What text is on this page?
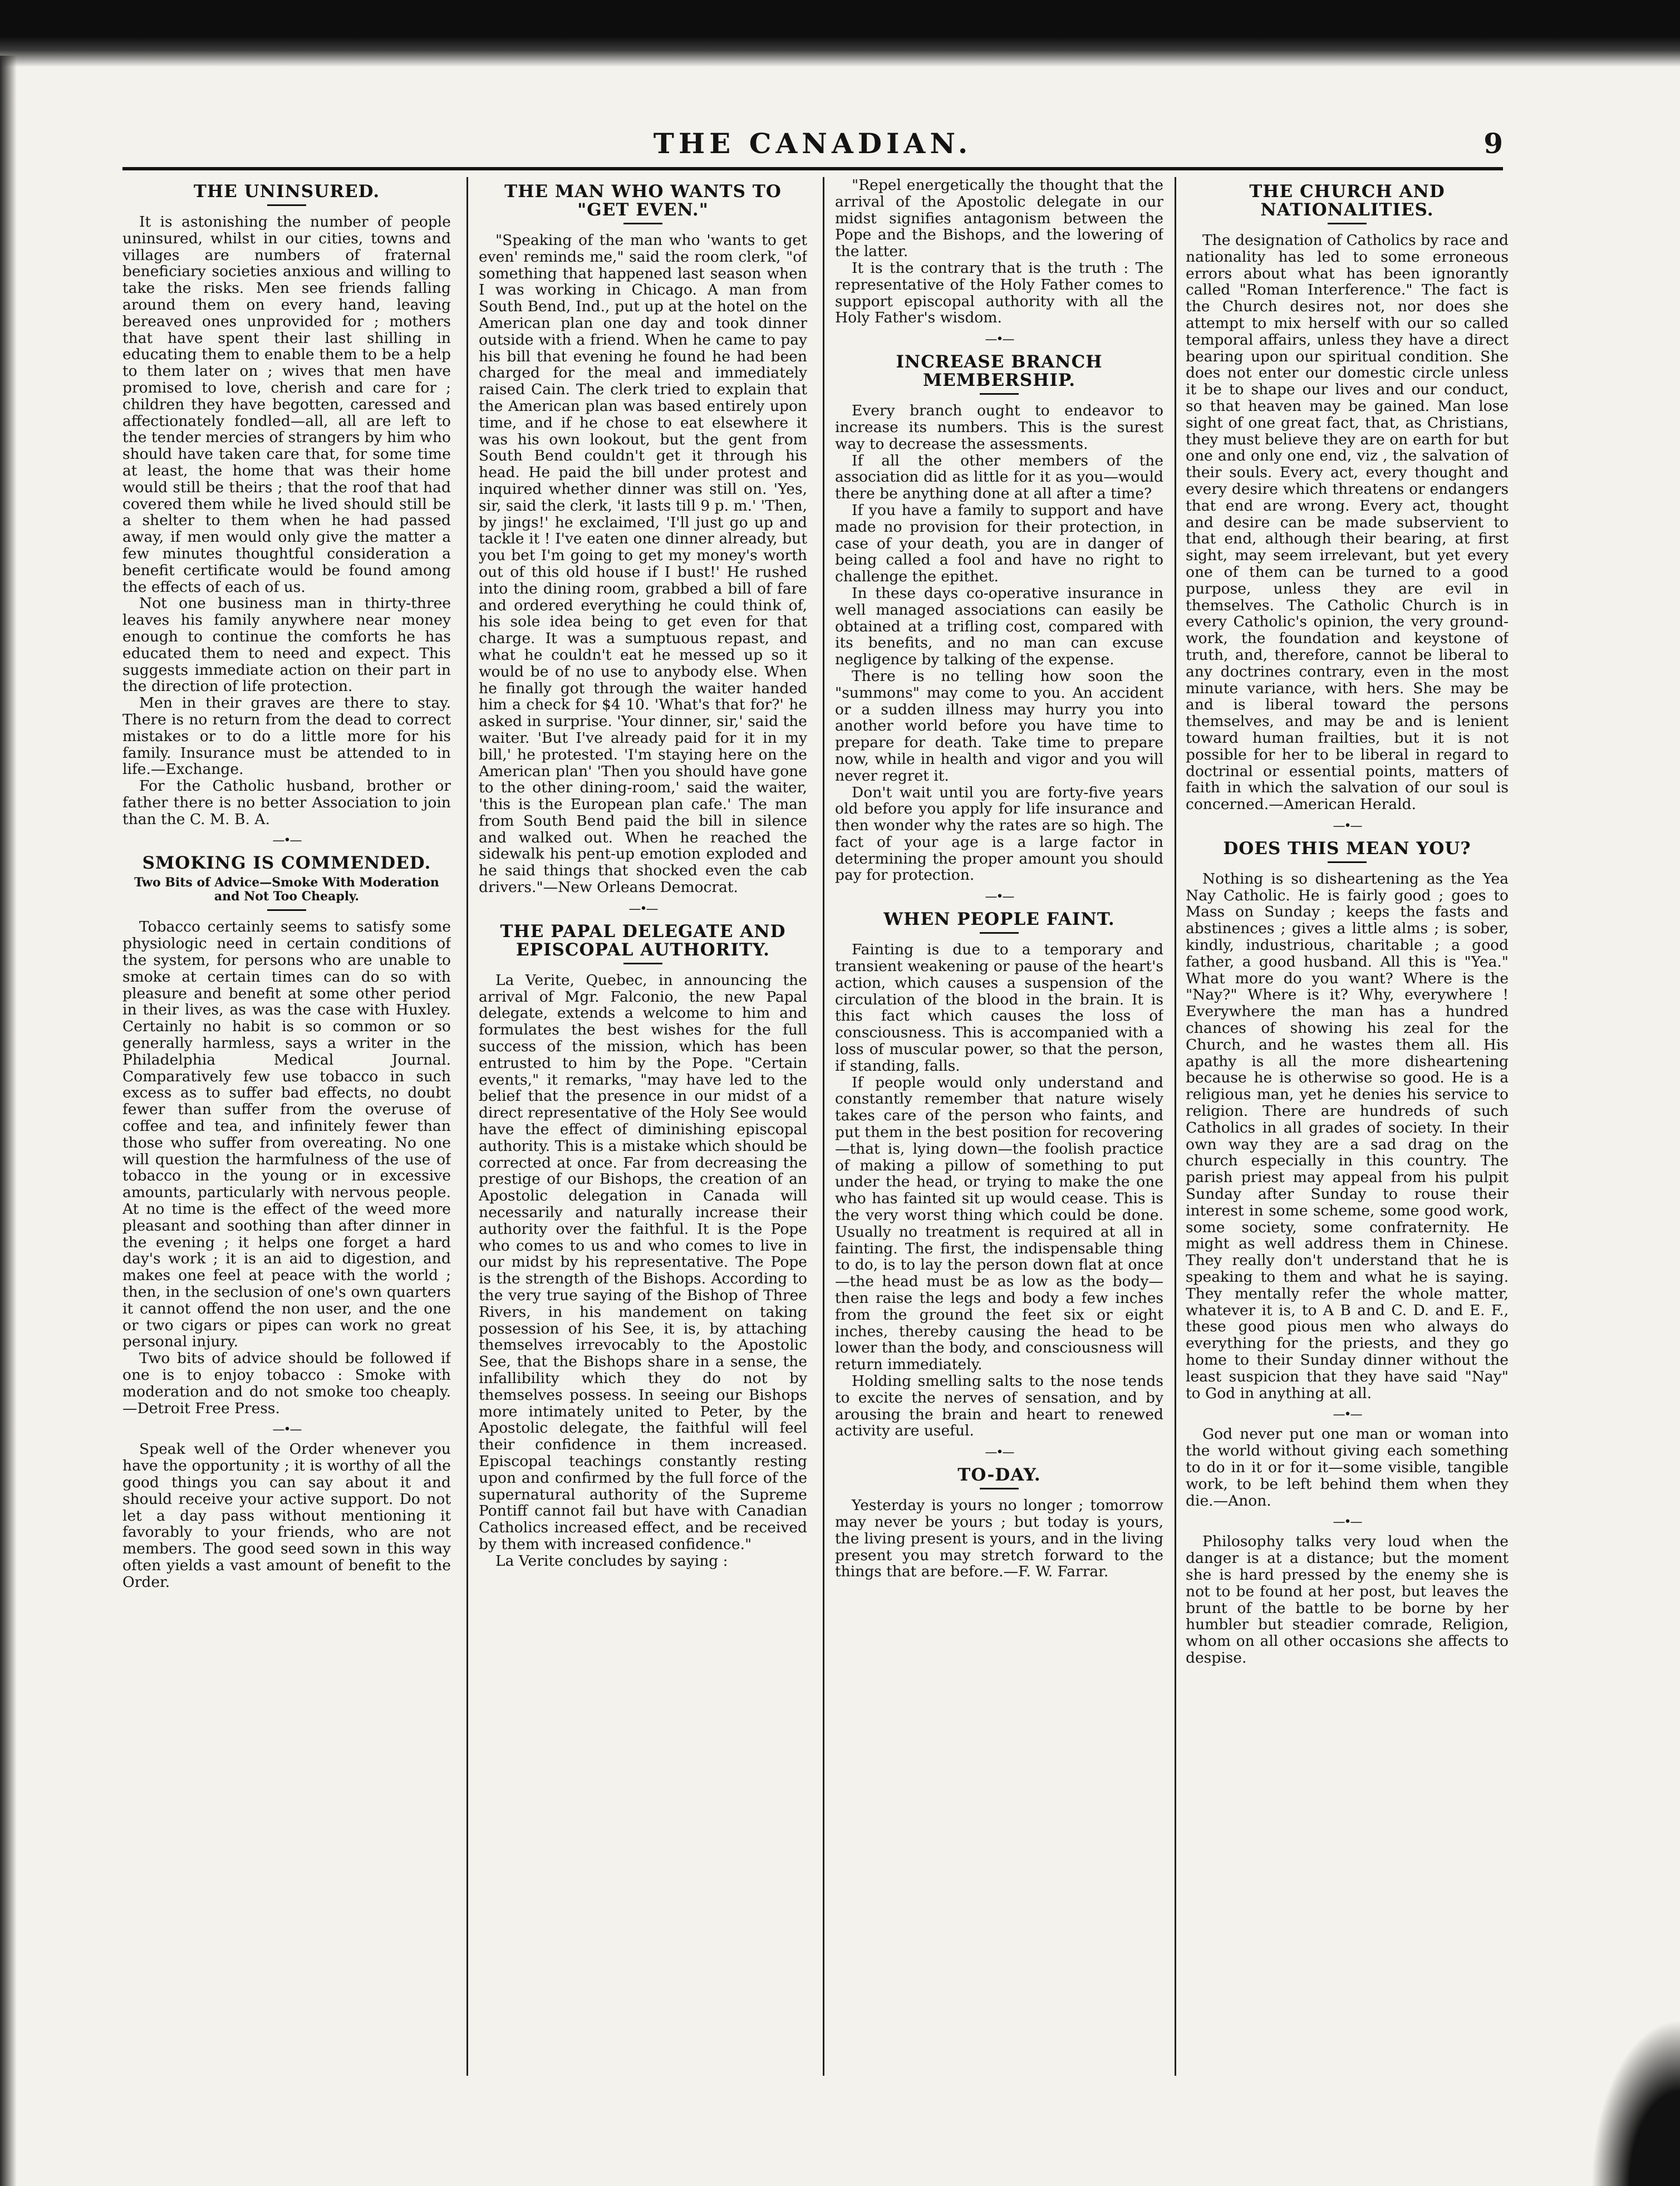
THE CANADIAN.	9
THE UNINSURED.

It is astonishing the number of people uninsured, whilst in our cities, towns and villages are numbers of fraternal beneficiary societies anxious and willing to take the risks. Men see friends falling around them on every hand, leaving bereaved ones unprovided for ; mothers that have spent their last shilling in educating them to enable them to be a help to them later on ; wives that men have promised to love, cherish and care for ; children they have begotten, caressed and affectionately fondled—all, all are left to the tender mercies of strangers by him who should have taken care that, for some time at least, the home that was their home would still be theirs ; that the roof that had covered them while he lived should still be a shelter to them when he had passed away, if men would only give the matter a few minutes thoughtful consideration a benefit certificate would be found among the effects of each of us.

Not one business man in thirty-three leaves his family anywhere near money enough to continue the comforts he has educated them to need and expect. This suggests immediate action on their part in the direction of life protection.

Men in their graves are there to stay. There is no return from the dead to correct mistakes or to do a little more for his family. Insurance must be attended to in life.—Exchange.

For the Catholic husband, brother or father there is no better Association to join than the C. M. B. A.

—•—
SMOKING IS COMMENDED.
Two Bits of Advice—Smoke With Moderation and Not Too Cheaply.

Tobacco certainly seems to satisfy some physiologic need in certain conditions of the system, for persons who are unable to smoke at certain times can do so with pleasure and benefit at some other period in their lives, as was the case with Huxley. Certainly no habit is so common or so generally harmless, says a writer in the Philadelphia Medical Journal. Comparatively few use tobacco in such excess as to suffer bad effects, no doubt fewer than suffer from the overuse of coffee and tea, and infinitely fewer than those who suffer from overeating. No one will question the harmfulness of the use of tobacco in the young or in excessive amounts, particularly with nervous people. At no time is the effect of the weed more pleasant and soothing than after dinner in the evening ; it helps one forget a hard day's work ; it is an aid to digestion, and makes one feel at peace with the world ; then, in the seclusion of one's own quarters it cannot offend the non user, and the one or two cigars or pipes can work no great personal injury.

Two bits of advice should be followed if one is to enjoy tobacco : Smoke with moderation and do not smoke too cheaply.—Detroit Free Press.

—•—

Speak well of the Order whenever you have the opportunity ; it is worthy of all the good things you can say about it and should receive your active support. Do not let a day pass without mentioning it favorably to your friends, who are not members. The good seed sown in this way often yields a vast amount of benefit to the Order.

THE MAN WHO WANTS TO "GET EVEN."

"Speaking of the man who 'wants to get even' reminds me," said the room clerk, "of something that happened last season when I was working in Chicago. A man from South Bend, Ind., put up at the hotel on the American plan one day and took dinner outside with a friend. When he came to pay his bill that evening he found he had been charged for the meal and immediately raised Cain. The clerk tried to explain that the American plan was based entirely upon time, and if he chose to eat elsewhere it was his own lookout, but the gent from South Bend couldn't get it through his head. He paid the bill under protest and inquired whether dinner was still on. 'Yes, sir, said the clerk, 'it lasts till 9 p. m.' 'Then, by jings!' he exclaimed, 'I'll just go up and tackle it ! I've eaten one dinner already, but you bet I'm going to get my money's worth out of this old house if I bust!' He rushed into the dining room, grabbed a bill of fare and ordered everything he could think of, his sole idea being to get even for that charge. It was a sumptuous repast, and what he couldn't eat he messed up so it would be of no use to anybody else. When he finally got through the waiter handed him a check for $4 10. 'What's that for?' he asked in surprise. 'Your dinner, sir,' said the waiter. 'But I've already paid for it in my bill,' he protested. 'I'm staying here on the American plan' 'Then you should have gone to the other dining-room,' said the waiter, 'this is the European plan cafe.' The man from South Bend paid the bill in silence and walked out. When he reached the sidewalk his pent-up emotion exploded and he said things that shocked even the cab drivers."—New Orleans Democrat.

—•—
THE PAPAL DELEGATE AND EPISCOPAL AUTHORITY.

La Verite, Quebec, in announcing the arrival of Mgr. Falconio, the new Papal delegate, extends a welcome to him and formulates the best wishes for the full success of the mission, which has been entrusted to him by the Pope. "Certain events," it remarks, "may have led to the belief that the presence in our midst of a direct representative of the Holy See would have the effect of diminishing episcopal authority. This is a mistake which should be corrected at once. Far from decreasing the prestige of our Bishops, the creation of an Apostolic delegation in Canada will necessarily and naturally increase their authority over the faithful. It is the Pope who comes to us and who comes to live in our midst by his representative. The Pope is the strength of the Bishops. According to the very true saying of the Bishop of Three Rivers, in his mandement on taking possession of his See, it is, by attaching themselves irrevocably to the Apostolic See, that the Bishops share in a sense, the infallibility which they do not by themselves possess. In seeing our Bishops more intimately united to Peter, by the Apostolic delegate, the faithful will feel their confidence in them increased. Episcopal teachings constantly resting upon and confirmed by the full force of the supernatural authority of the Supreme Pontiff cannot fail but have with Canadian Catholics increased effect, and be received by them with increased confidence."

La Verite concludes by saying :

"Repel energetically the thought that the arrival of the Apostolic delegate in our midst signifies antagonism between the Pope and the Bishops, and the lowering of the latter.

It is the contrary that is the truth : The representative of the Holy Father comes to support episcopal authority with all the Holy Father's wisdom.

—•—
INCREASE BRANCH MEMBERSHIP.

Every branch ought to endeavor to increase its numbers. This is the surest way to decrease the assessments.

If all the other members of the association did as little for it as you—would there be anything done at all after a time?

If you have a family to support and have made no provision for their protection, in case of your death, you are in danger of being called a fool and have no right to challenge the epithet.

In these days co-operative insurance in well managed associations can easily be obtained at a trifling cost, compared with its benefits, and no man can excuse negligence by talking of the expense.

There is no telling how soon the "summons" may come to you. An accident or a sudden illness may hurry you into another world before you have time to prepare for death. Take time to prepare now, while in health and vigor and you will never regret it.

Don't wait until you are forty-five years old before you apply for life insurance and then wonder why the rates are so high. The fact of your age is a large factor in determining the proper amount you should pay for protection.

—•—
WHEN PEOPLE FAINT.

Fainting is due to a temporary and transient weakening or pause of the heart's action, which causes a suspension of the circulation of the blood in the brain. It is this fact which causes the loss of consciousness. This is accompanied with a loss of muscular power, so that the person, if standing, falls.

If people would only understand and constantly remember that nature wisely takes care of the person who faints, and put them in the best position for recovering—that is, lying down—the foolish practice of making a pillow of something to put under the head, or trying to make the one who has fainted sit up would cease. This is the very worst thing which could be done. Usually no treatment is required at all in fainting. The first, the indispensable thing to do, is to lay the person down flat at once—the head must be as low as the body—then raise the legs and body a few inches from the ground the feet six or eight inches, thereby causing the head to be lower than the body, and consciousness will return immediately.

Holding smelling salts to the nose tends to excite the nerves of sensation, and by arousing the brain and heart to renewed activity are useful.

—•—
TO-DAY.

Yesterday is yours no longer ; tomorrow may never be yours ; but today is yours, the living present is yours, and in the living present you may stretch forward to the things that are before.—F. W. Farrar.

THE CHURCH AND NATIONALITIES.

The designation of Catholics by race and nationality has led to some erroneous errors about what has been ignorantly called "Roman Interference." The fact is the Church desires not, nor does she attempt to mix herself with our so called temporal affairs, unless they have a direct bearing upon our spiritual condition. She does not enter our domestic circle unless it be to shape our lives and our conduct, so that heaven may be gained. Man lose sight of one great fact, that, as Christians, they must believe they are on earth for but one and only one end, viz , the salvation of their souls. Every act, every thought and every desire which threatens or endangers that end are wrong. Every act, thought and desire can be made subservient to that end, although their bearing, at first sight, may seem irrelevant, but yet every one of them can be turned to a good purpose, unless they are evil in themselves. The Catholic Church is in every Catholic's opinion, the very ground-work, the foundation and keystone of truth, and, therefore, cannot be liberal to any doctrines contrary, even in the most minute variance, with hers. She may be and is liberal toward the persons themselves, and may be and is lenient toward human frailties, but it is not possible for her to be liberal in regard to doctrinal or essential points, matters of faith in which the salvation of our soul is concerned.—American Herald.

—•—
DOES THIS MEAN YOU?

Nothing is so disheartening as the Yea Nay Catholic. He is fairly good ; goes to Mass on Sunday ; keeps the fasts and abstinences ; gives a little alms ; is sober, kindly, industrious, charitable ; a good father, a good husband. All this is "Yea." What more do you want? Where is the "Nay?" Where is it? Why, everywhere ! Everywhere the man has a hundred chances of showing his zeal for the Church, and he wastes them all. His apathy is all the more disheartening because he is otherwise so good. He is a religious man, yet he denies his service to religion. There are hundreds of such Catholics in all grades of society. In their own way they are a sad drag on the church especially in this country. The parish priest may appeal from his pulpit Sunday after Sunday to rouse their interest in some scheme, some good work, some society, some confraternity. He might as well address them in Chinese. They really don't understand that he is speaking to them and what he is saying. They mentally refer the whole matter, whatever it is, to A B and C. D. and E. F., these good pious men who always do everything for the priests, and they go home to their Sunday dinner without the least suspicion that they have said "Nay" to God in anything at all.

—•—

God never put one man or woman into the world without giving each something to do in it or for it—some visible, tangible work, to be left behind them when they die.—Anon.

—•—

Philosophy talks very loud when the danger is at a distance; but the moment she is hard pressed by the enemy she is not to be found at her post, but leaves the brunt of the battle to be borne by her humbler but steadier comrade, Religion, whom on all other occasions she affects to despise.
